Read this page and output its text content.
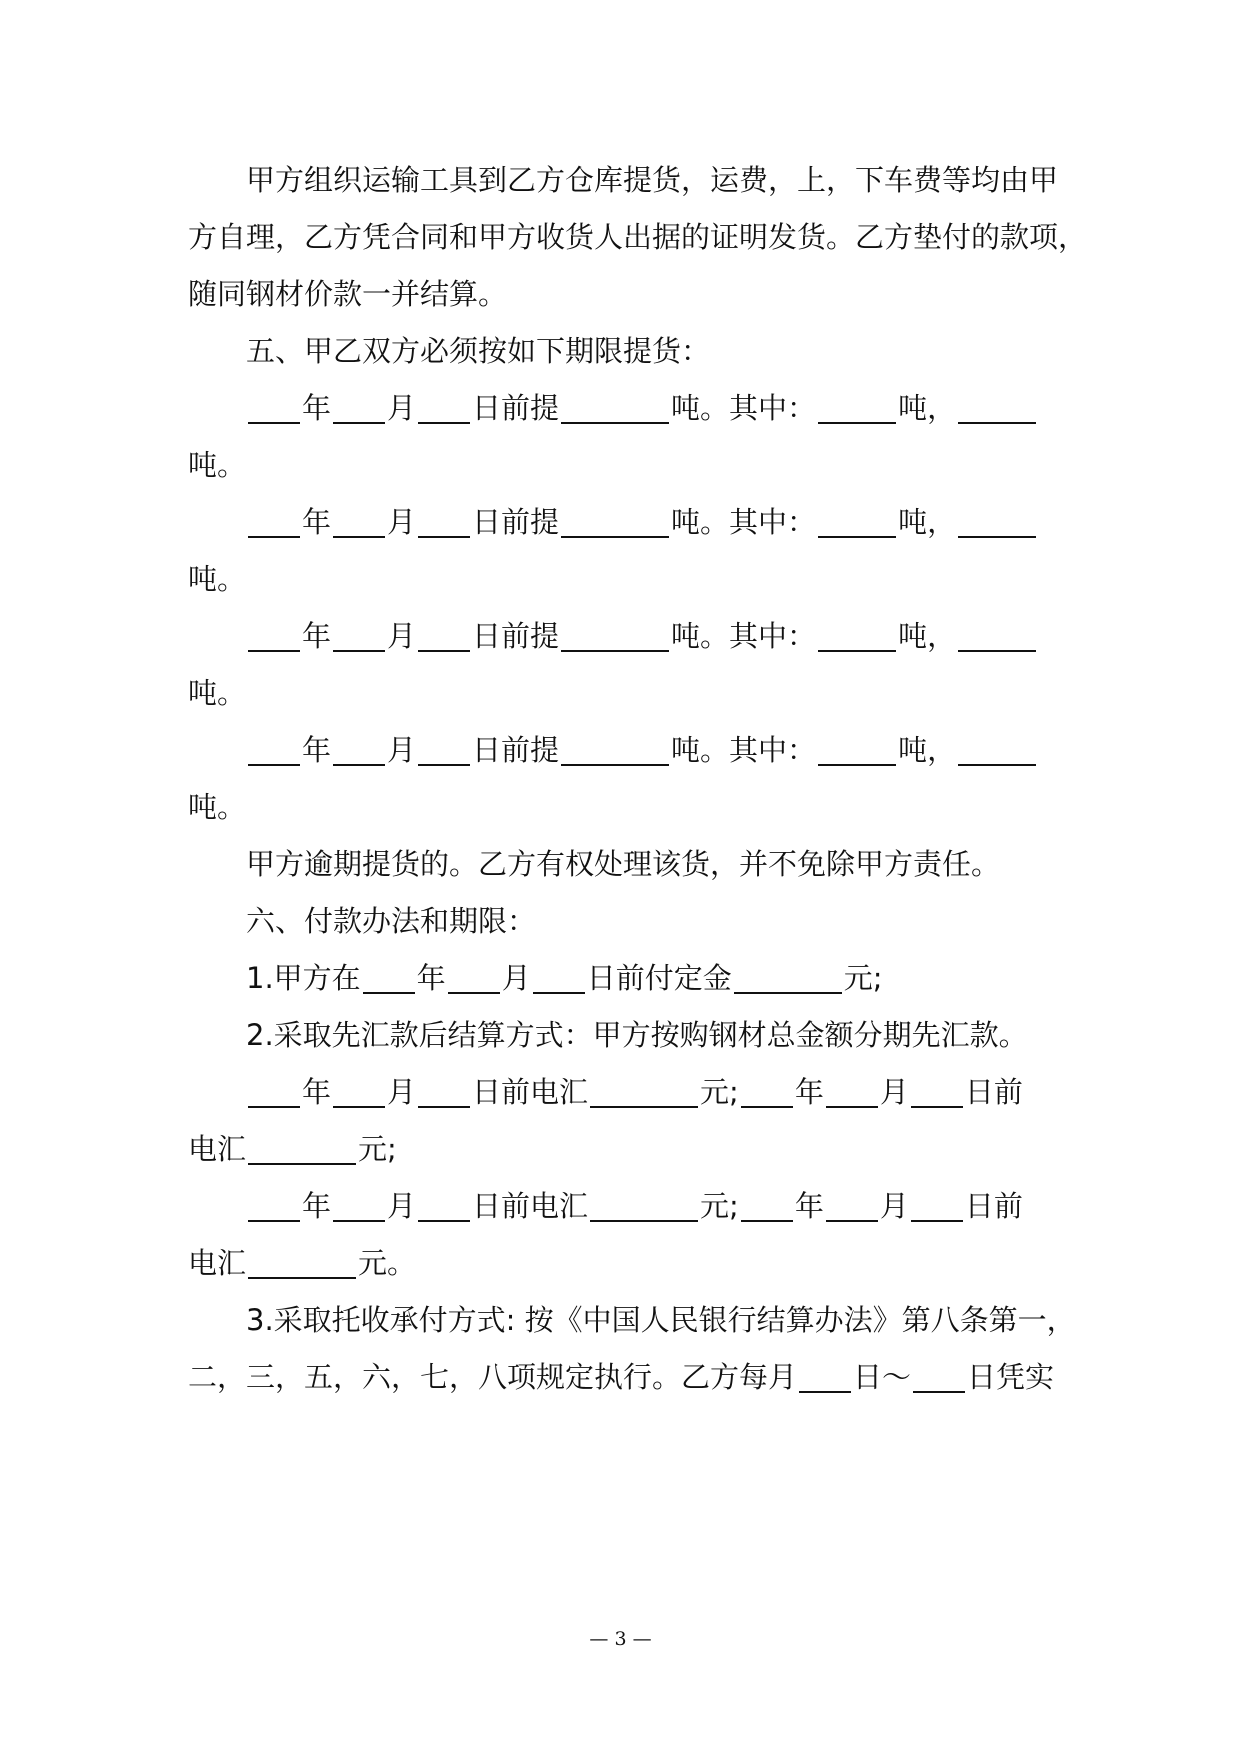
甲方组织运输工具到乙方仓库提货，运费，上，下车费等均由甲
方自理，乙方凭合同和甲方收货人出据的证明发货。乙方垫付的款项，
随同钢材价款一并结算。
五、甲乙双方必须按如下期限提货：
年 月 日前提	吨。其中：	吨，
吨。
年 月 日前提	吨。其中：	吨，
吨。
年 月 日前提	吨。其中：	吨，
吨。
年 月 日前提	吨。其中：	吨，
吨。
甲方逾期提货的。乙方有权处理该货，并不免除甲方责任。
六、付款办法和期限：
1.甲方在 年 月 日前付定金	元;
2.采取先汇款后结算方式：甲方按购钢材总金额分期先汇款。
年 月 日前电汇	元; 年 月 日前
电汇	元;
年 月 日前电汇	元; 年 月 日前
电汇	元。
3.采取托收承付方式: 按《中国人民银行结算办法》第八条第一，
二，三，五，六，七，八项规定执行。乙方每月 日～ 日凭实
— 3 —
